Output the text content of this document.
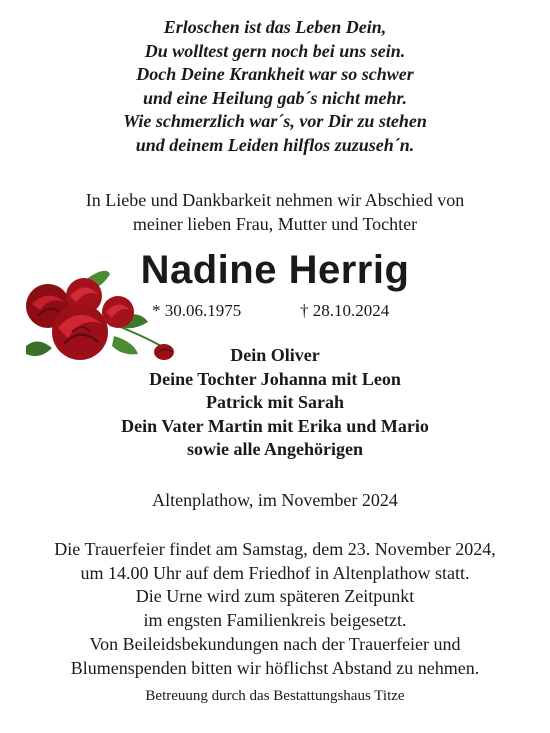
Erloschen ist das Leben Dein,
Du wolltest gern noch bei uns sein.
Doch Deine Krankheit war so schwer
und eine Heilung gab´s nicht mehr.
Wie schmerzlich war´s, vor Dir zu stehen
und deinem Leiden hilflos zuzuseh´n.
In Liebe und Dankbarkeit nehmen wir Abschied von
meiner lieben Frau, Mutter und Tochter
Nadine Herrig
* 30.06.1975	† 28.10.2024
Dein Oliver
Deine Tochter Johanna mit Leon
Patrick mit Sarah
Dein Vater Martin mit Erika und Mario
sowie alle Angehörigen
Altenplathow, im November 2024
Die Trauerfeier findet am Samstag, dem 23. November 2024,
um 14.00 Uhr auf dem Friedhof in Altenplathow statt.
Die Urne wird zum späteren Zeitpunkt
im engsten Familienkreis beigesetzt.
Von Beileidsbekundungen nach der Trauerfeier und
Blumenspenden bitten wir höflichst Abstand zu nehmen.
Betreuung durch das Bestattungshaus Titze
